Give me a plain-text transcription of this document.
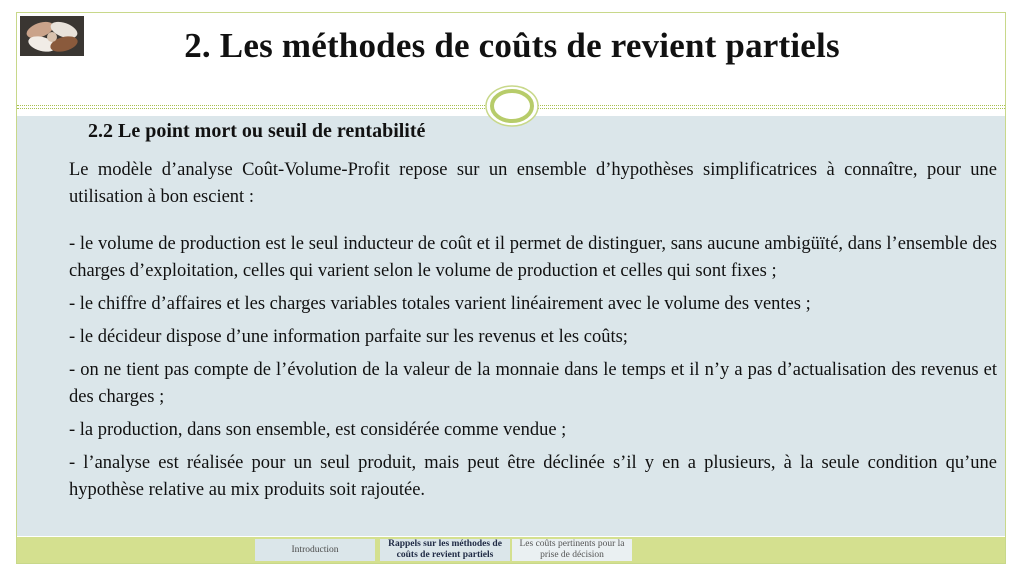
2. Les méthodes de coûts de revient partiels
2.2 Le point mort ou seuil de rentabilité

Le modèle d’analyse Coût-Volume-Profit repose sur un ensemble d’hypothèses simplificatrices à connaître, pour une utilisation à bon escient :

- le volume de production est le seul inducteur de coût et il permet de distinguer, sans aucune ambigüïté, dans l’ensemble des charges d’exploitation, celles qui varient selon le volume de production et celles qui sont fixes ;

- le chiffre d’affaires et les charges variables totales varient linéairement avec le volume des ventes ;

- le décideur dispose d’une information parfaite sur les revenus et les coûts;

- on ne tient pas compte de l’évolution de la valeur de la monnaie dans le temps et il n’y a pas d’actualisation des revenus et des charges ;

- la production, dans son ensemble, est considérée comme vendue ;

- l’analyse est réalisée pour un seul produit, mais peut être déclinée s’il y en a plusieurs, à la seule condition qu’une hypothèse relative au mix produits soit rajoutée.

Introduction
Rappels sur les méthodes de coûts de revient partiels
Les coûts pertinents pour la prise de décision
